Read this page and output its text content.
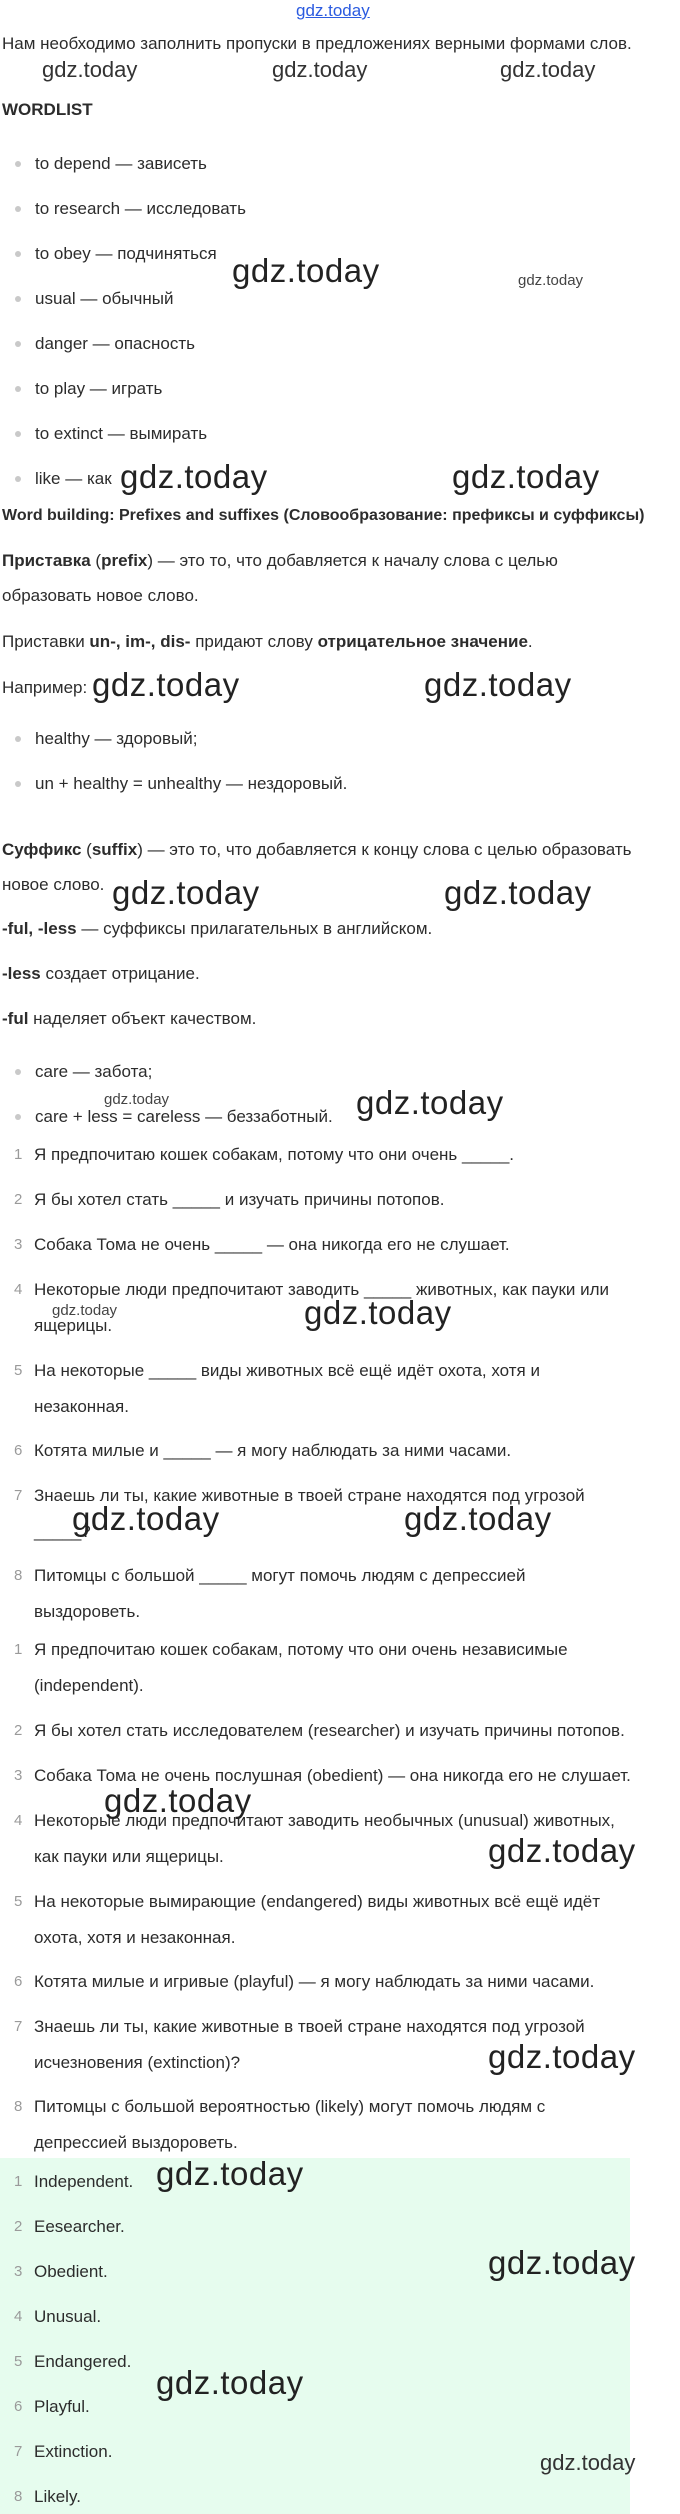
gdz.today
Нам необходимо заполнить пропуски в предложениях верными формами слов.
WORDLIST
to depend — зависеть
to research — исследовать
to obey — подчиняться
usual — обычный
danger — опасность
to play — играть
to extinct — вымирать
like — как
Word building: Prefixes and suffixes (Словообразование: префиксы и суффиксы)
Приставка (prefix) — это то, что добавляется к началу слова с целью
образовать новое слово.
Приставки un-, im-, dis- придают слову отрицательное значение.
Например:
healthy — здоровый;
un + healthy = unhealthy — нездоровый.
Суффикс (suffix) — это то, что добавляется к концу слова с целью образовать
новое слово.
-ful, -less — суффиксы прилагательных в английском.
-less создает отрицание.
-ful наделяет объект качеством.
care — забота;
care + less = careless — беззаботный.
1 Я предпочитаю кошек собакам, потому что они очень _____.
2 Я бы хотел стать _____ и изучать причины потопов.
3 Собака Тома не очень _____ — она никогда его не слушает.
4 Некоторые люди предпочитают заводить _____ животных, как пауки или
ящерицы.
5 На некоторые _____ виды животных всё ещё идёт охота, хотя и
незаконная.
6 Котята милые и _____ — я могу наблюдать за ними часами.
7 Знаешь ли ты, какие животные в твоей стране находятся под угрозой
_____?
8 Питомцы с большой _____ могут помочь людям с депрессией
выздороветь.
1 Я предпочитаю кошек собакам, потому что они очень независимые
(independent).
2 Я бы хотел стать исследователем (researcher) и изучать причины потопов.
3 Собака Тома не очень послушная (obedient) — она никогда его не слушает.
4 Некоторые люди предпочитают заводить необычных (unusual) животных,
как пауки или ящерицы.
5 На некоторые вымирающие (endangered) виды животных всё ещё идёт
охота, хотя и незаконная.
6 Котята милые и игривые (playful) — я могу наблюдать за ними часами.
7 Знаешь ли ты, какие животные в твоей стране находятся под угрозой
исчезновения (extinction)?
8 Питомцы с большой вероятностью (likely) могут помочь людям с
депрессией выздороветь.
1 Independent.
2 Eesearcher.
3 Obedient.
4 Unusual.
5 Endangered.
6 Playful.
7 Extinction.
8 Likely.
gdz.today	gdz.today	gdz.today
gdz.today	gdz.today
gdz.today	gdz.today
gdz.today	gdz.today
gdz.today	gdz.today
gdz.today	gdz.today
gdz.today	gdz.today
gdz.today	gdz.today
gdz.today
gdz.today
gdz.today
gdz.today
gdz.today
gdz.today
gdz.today
